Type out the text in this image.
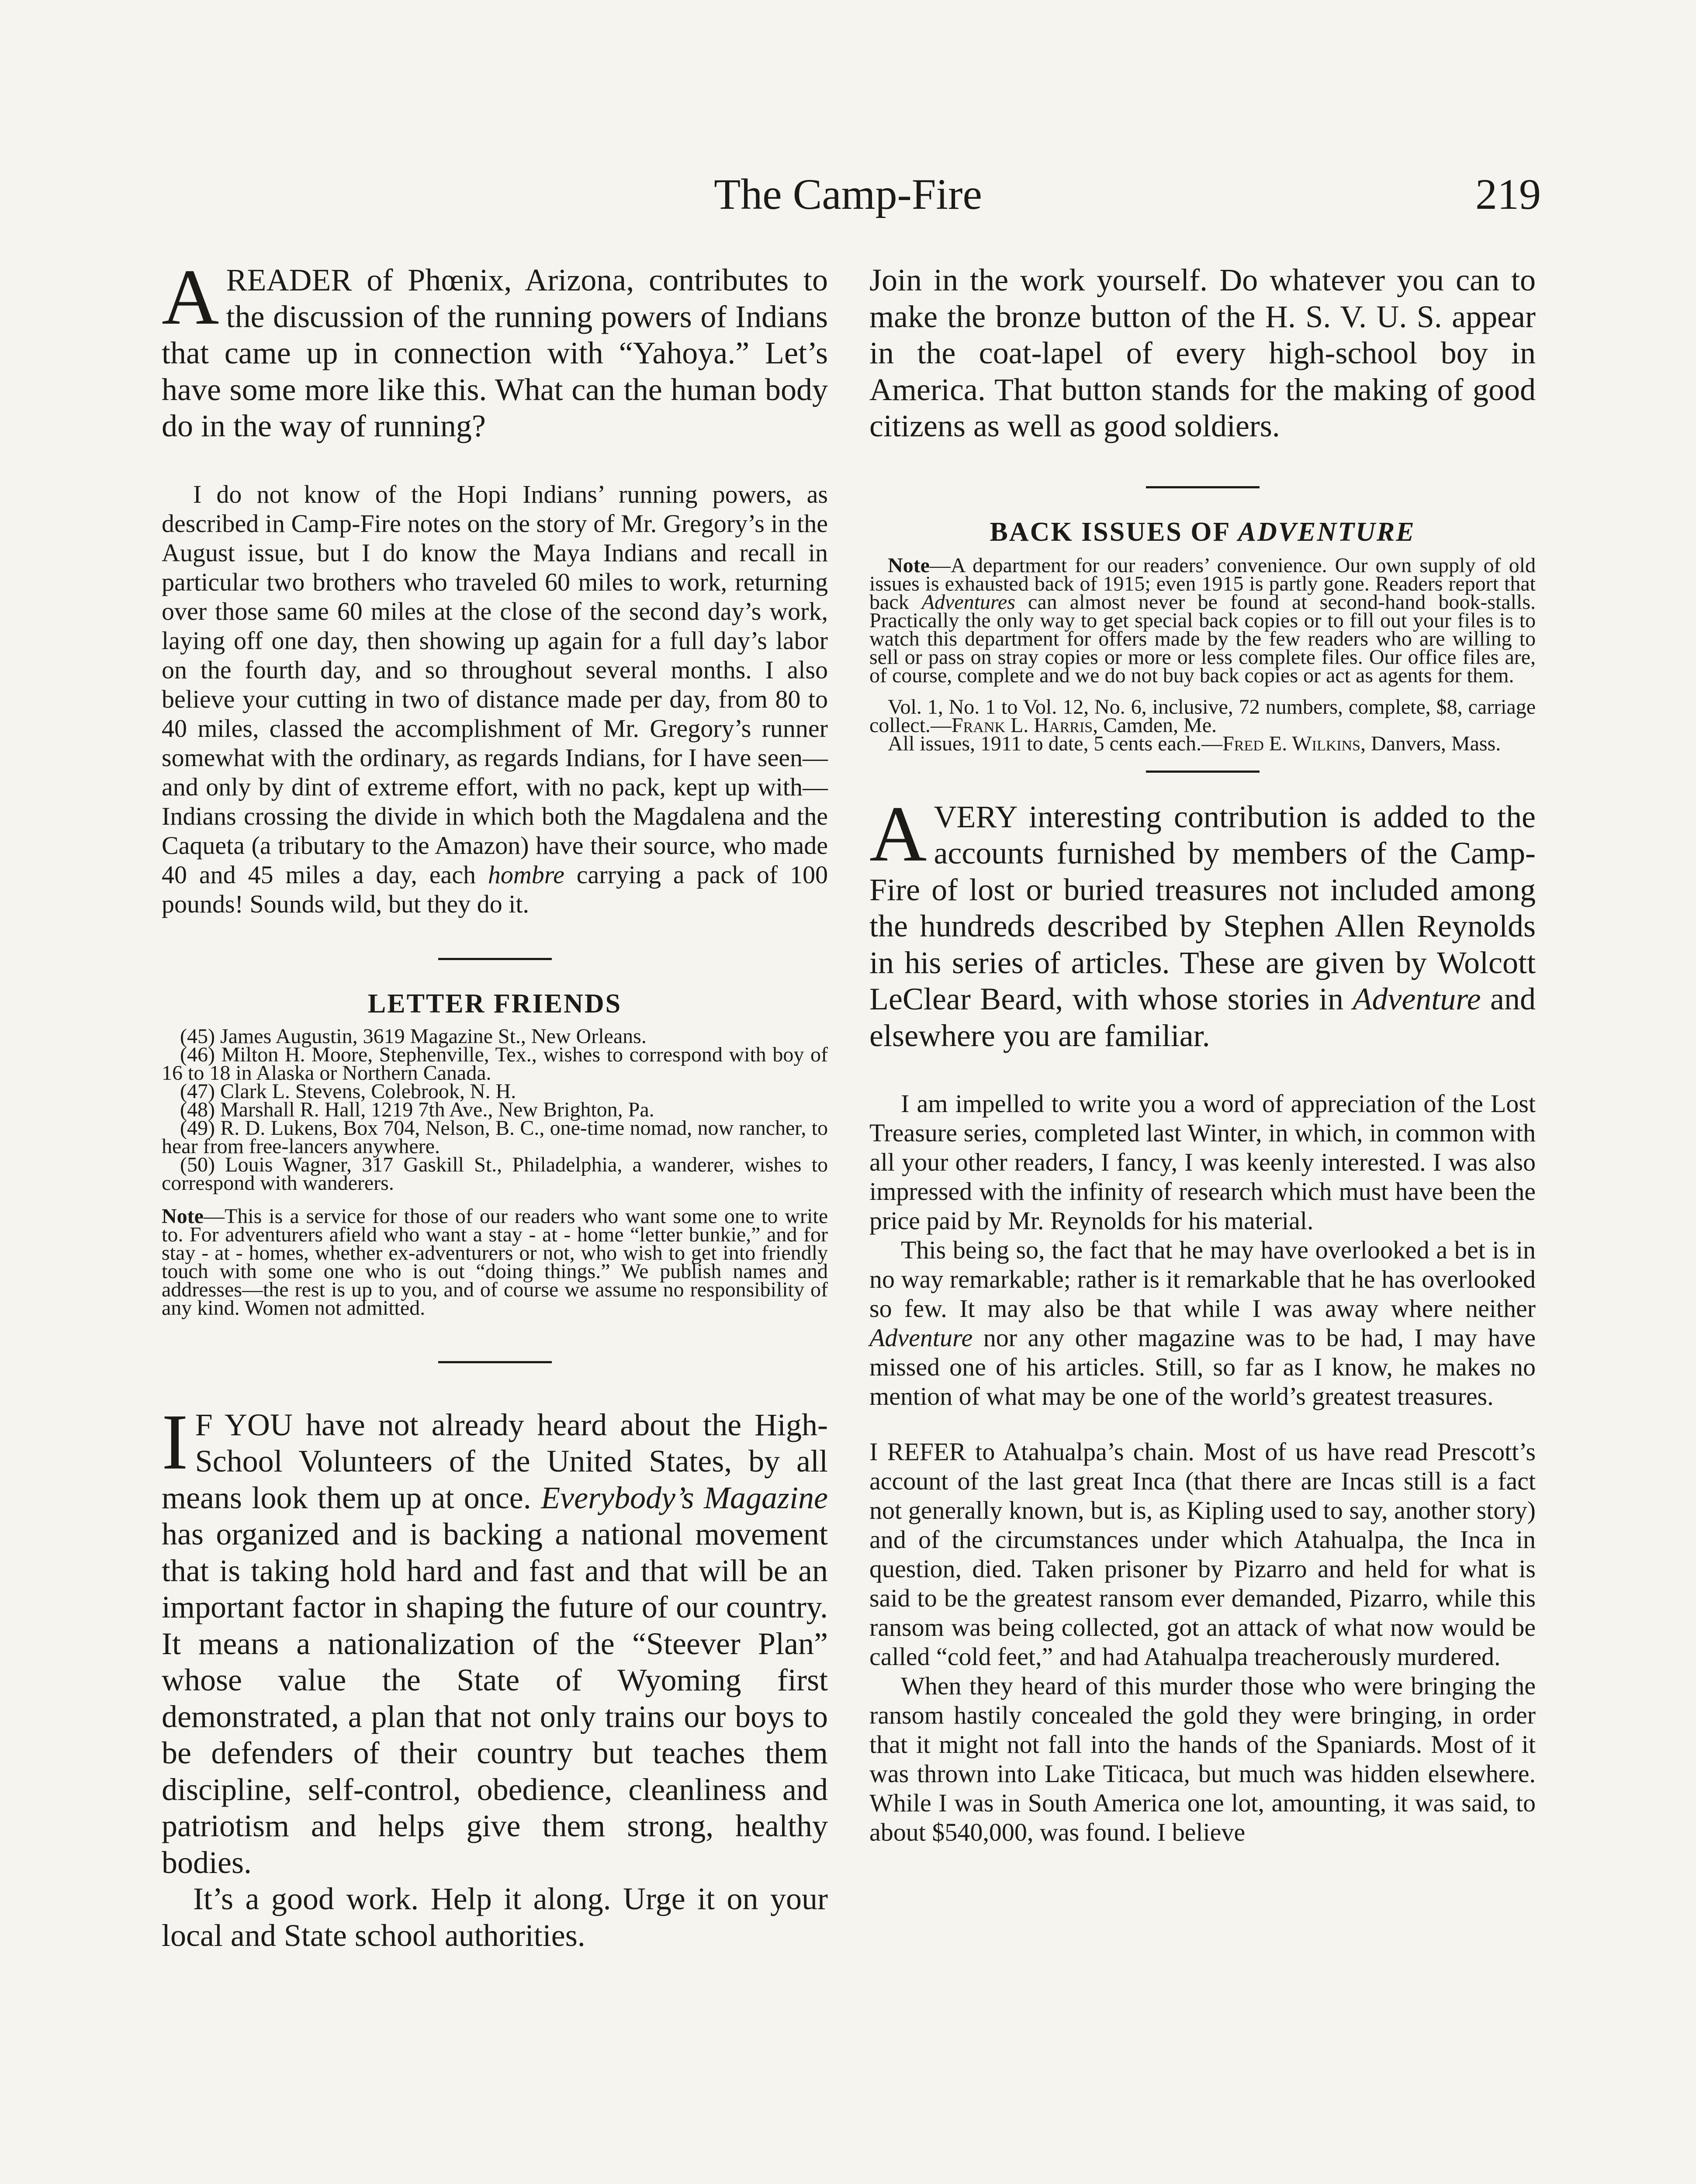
The Camp-Fire	219

AREADER of Phœnix, Arizona, contributes to the discussion of the running powers of Indians that came up in connection with “Yahoya.” Let’s have some more like this. What can the human body do in the way of running?

I do not know of the Hopi Indians’ running powers, as described in Camp-Fire notes on the story of Mr. Gregory’s in the August issue, but I do know the Maya Indians and recall in particular two brothers who traveled 60 miles to work, returning over those same 60 miles at the close of the second day’s work, laying off one day, then showing up again for a full day’s labor on the fourth day, and so throughout several months. I also believe your cutting in two of distance made per day, from 80 to 40 miles, classed the accomplishment of Mr. Gregory’s runner somewhat with the ordinary, as regards Indians, for I have seen—and only by dint of extreme effort, with no pack, kept up with—Indians crossing the divide in which both the Magdalena and the Caqueta (a tributary to the Amazon) have their source, who made 40 and 45 miles a day, each hombre carrying a pack of 100 pounds! Sounds wild, but they do it.

LETTER FRIENDS

(45) James Augustin, 3619 Magazine St., New Orleans.

(46) Milton H. Moore, Stephenville, Tex., wishes to correspond with boy of 16 to 18 in Alaska or Northern Canada.

(47) Clark L. Stevens, Colebrook, N. H.

(48) Marshall R. Hall, 1219 7th Ave., New Brighton, Pa.

(49) R. D. Lukens, Box 704, Nelson, B. C., one-time nomad, now rancher, to hear from free-lancers anywhere.

(50) Louis Wagner, 317 Gaskill St., Philadelphia, a wanderer, wishes to correspond with wanderers.

Note—This is a service for those of our readers who want some one to write to. For adventurers afield who want a stay - at - home “letter bunkie,” and for stay - at - homes, whether ex-adventurers or not, who wish to get into friendly touch with some one who is out “doing things.” We publish names and addresses—the rest is up to you, and of course we assume no responsibility of any kind. Women not admitted.

IF YOU have not already heard about the High-School Volunteers of the United States, by all means look them up at once. Everybody’s Magazine has organized and is backing a national movement that is taking hold hard and fast and that will be an important factor in shaping the future of our country. It means a nationalization of the “Steever Plan” whose value the State of Wyoming first demonstrated, a plan that not only trains our boys to be defenders of their country but teaches them discipline, self-control, obedience, cleanliness and patriotism and helps give them strong, healthy bodies.

It’s a good work. Help it along. Urge it on your local and State school authorities.

Join in the work yourself. Do whatever you can to make the bronze button of the H. S. V. U. S. appear in the coat-lapel of every high-school boy in America. That button stands for the making of good citizens as well as good soldiers.

BACK ISSUES OF ADVENTURE

Note—A department for our readers’ convenience. Our own supply of old issues is exhausted back of 1915; even 1915 is partly gone. Readers report that back Adventures can almost never be found at second-hand book-stalls. Practically the only way to get special back copies or to fill out your files is to watch this department for offers made by the few readers who are willing to sell or pass on stray copies or more or less complete files. Our office files are, of course, complete and we do not buy back copies or act as agents for them.

Vol. 1, No. 1 to Vol. 12, No. 6, inclusive, 72 numbers, complete, $8, carriage collect.—Frank L. Harris, Camden, Me.

All issues, 1911 to date, 5 cents each.—Fred E. Wilkins, Danvers, Mass.

AVERY interesting contribution is added to the accounts furnished by members of the Camp-Fire of lost or buried treasures not included among the hundreds described by Stephen Allen Reynolds in his series of articles. These are given by Wolcott LeClear Beard, with whose stories in Adventure and elsewhere you are familiar.

I am impelled to write you a word of appreciation of the Lost Treasure series, completed last Winter, in which, in common with all your other readers, I fancy, I was keenly interested. I was also impressed with the infinity of research which must have been the price paid by Mr. Reynolds for his material.

This being so, the fact that he may have overlooked a bet is in no way remarkable; rather is it remarkable that he has overlooked so few. It may also be that while I was away where neither Adventure nor any other magazine was to be had, I may have missed one of his articles. Still, so far as I know, he makes no mention of what may be one of the world’s greatest treasures.

I REFER to Atahualpa’s chain. Most of us have read Prescott’s account of the last great Inca (that there are Incas still is a fact not generally known, but is, as Kipling used to say, another story) and of the circumstances under which Atahualpa, the Inca in question, died. Taken prisoner by Pizarro and held for what is said to be the greatest ransom ever demanded, Pizarro, while this ransom was being collected, got an attack of what now would be called “cold feet,” and had Atahualpa treacherously murdered.

When they heard of this murder those who were bringing the ransom hastily concealed the gold they were bringing, in order that it might not fall into the hands of the Spaniards. Most of it was thrown into Lake Titicaca, but much was hidden elsewhere. While I was in South America one lot, amounting, it was said, to about $540,000, was found. I believe
